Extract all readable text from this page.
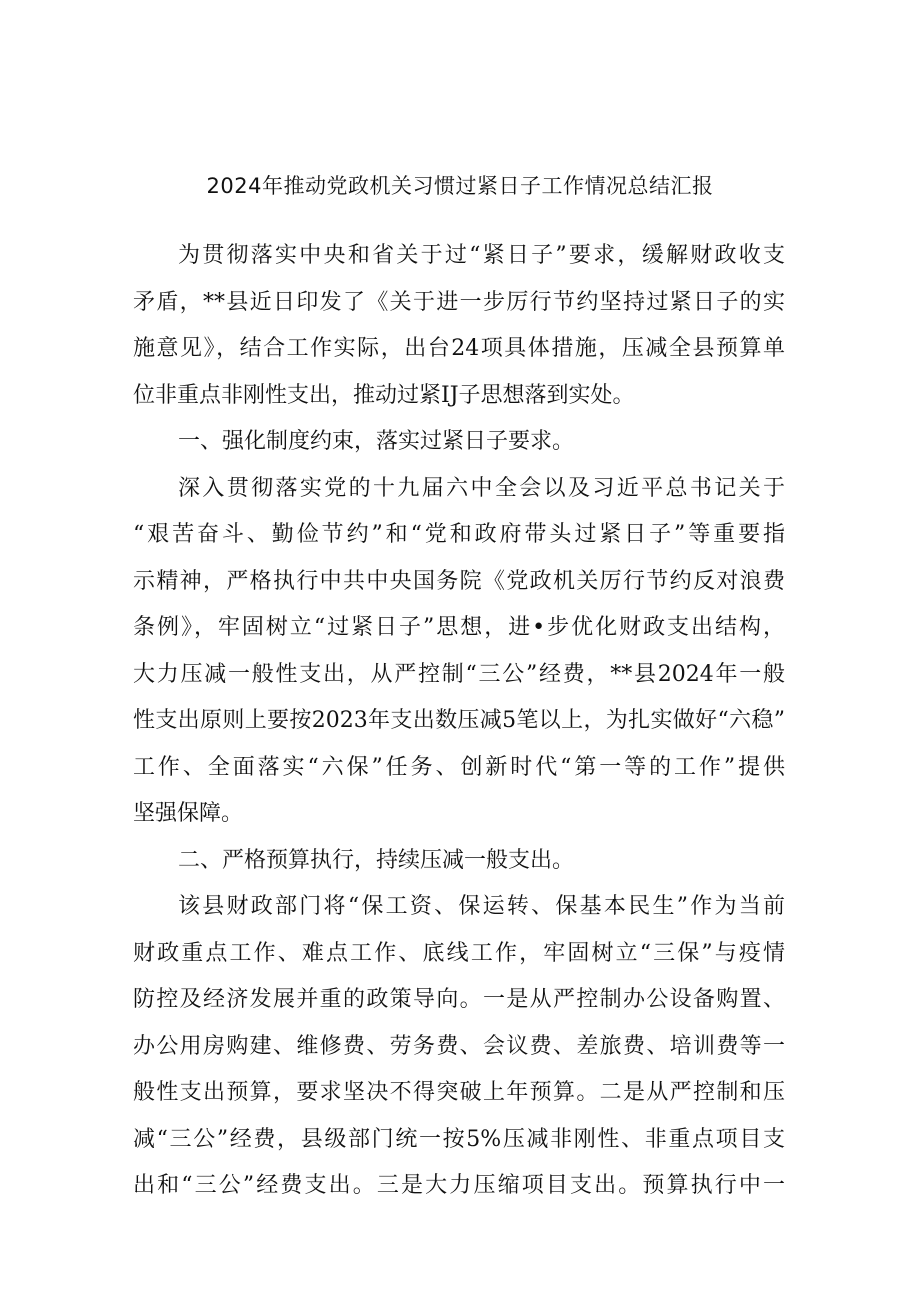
2024年推动党政机关习惯过紧日子工作情况总结汇报
为贯彻落实中央和省关于过“紧日子”要求，缓解财政收支
矛盾，**县近日印发了《关于进一步厉行节约坚持过紧日子的实
施意见》，结合工作实际，出台24项具体措施，压减全县预算单
位非重点非刚性支出，推动过紧IJ子思想落到实处。
一、强化制度约束，落实过紧日子要求。
深入贯彻落实党的十九届六中全会以及习近平总书记关于
“艰苦奋斗、勤俭节约”和“党和政府带头过紧日子”等重要指
示精神，严格执行中共中央国务院《党政机关厉行节约反对浪费
条例》，牢固树立“过紧日子”思想，进•步优化财政支出结构，
大力压减一般性支出，从严控制“三公”经费，**县2024年一般
性支出原则上要按2023年支出数压减5笔以上，为扎实做好“六稳”
工作、全面落实“六保”任务、创新时代“第一等的工作”提供
坚强保障。
二、严格预算执行，持续压减一般支出。
该县财政部门将“保工资、保运转、保基本民生”作为当前
财政重点工作、难点工作、底线工作，牢固树立“三保”与疫情
防控及经济发展并重的政策导向。一是从严控制办公设备购置、
办公用房购建、维修费、劳务费、会议费、差旅费、培训费等一
般性支出预算，要求坚决不得突破上年预算。二是从严控制和压
减“三公”经费，县级部门统一按5%压减非刚性、非重点项目支
出和“三公”经费支出。三是大力压缩项目支出。预算执行中一
